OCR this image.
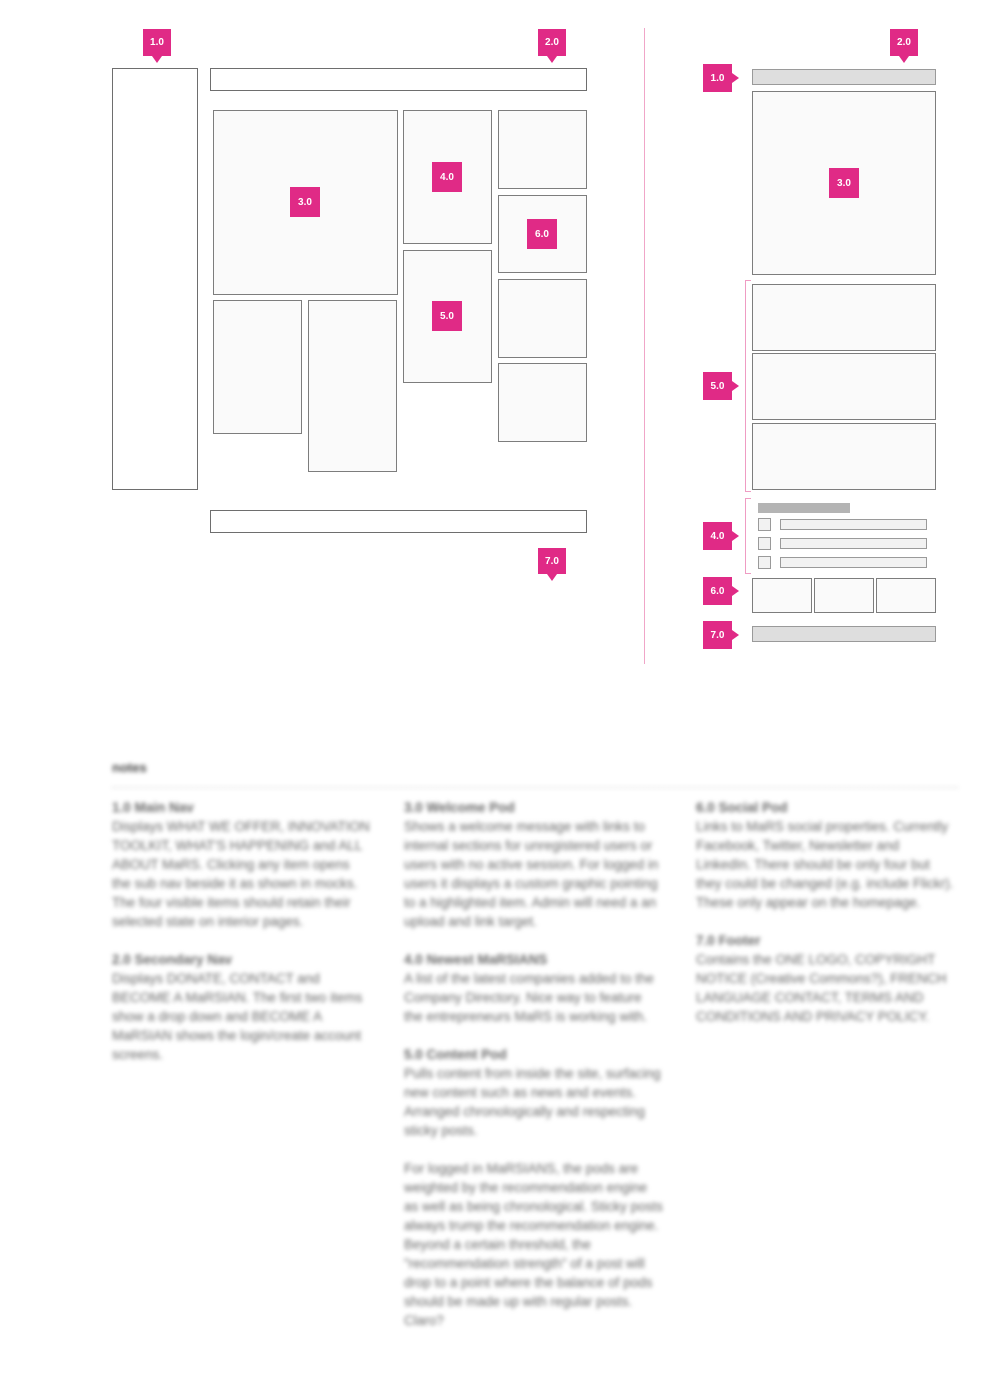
1.0	2.0
3.0
4.0
5.0
6.0
7.0
2.0
1.0
3.0
5.0
4.0
6.0
7.0
notes
1.0 Main Nav

Displays WHAT WE OFFER, INNOVATION TOOLKIT, WHAT'S HAPPENING and ALL ABOUT MaRS. Clicking any item opens the sub nav beside it as shown in mocks. The four visible items should retain their selected state on interior pages.

2.0 Secondary Nav

Displays DONATE, CONTACT and BECOME A MaRSIAN. The first two items show a drop down and BECOME A MaRSIAN shows the login/create account screens.

3.0 Welcome Pod

Shows a welcome message with links to internal sections for unregistered users or users with no active session. For logged in users it displays a custom graphic pointing to a highlighted item. Admin will need a an upload and link target.

4.0 Newest MaRSIANS

A list of the latest companies added to the Company Directory. Nice way to feature the entrepreneurs MaRS is working with.

5.0 Content Pod

Pulls content from inside the site, surfacing new content such as news and events. Arranged chronologically and respecting sticky posts.

For logged in MaRSIANS, the pods are weighted by the recommendation engine as well as being chronological. Sticky posts always trump the recommendation engine. Beyond a certain threshold, the "recommendation strength" of a post will drop to a point where the balance of pods should be made up with regular posts. Claro?

6.0 Social Pod

Links to MaRS social properties. Currently Facebook, Twitter, Newsletter and LinkedIn. There should be only four but they could be changed (e.g. include Flickr). These only appear on the homepage.

7.0 Footer

Contains the ONE LOGO, COPYRIGHT NOTICE (Creative Commons?), FRENCH LANGUAGE CONTACT, TERMS AND CONDITIONS AND PRIVACY POLICY.
